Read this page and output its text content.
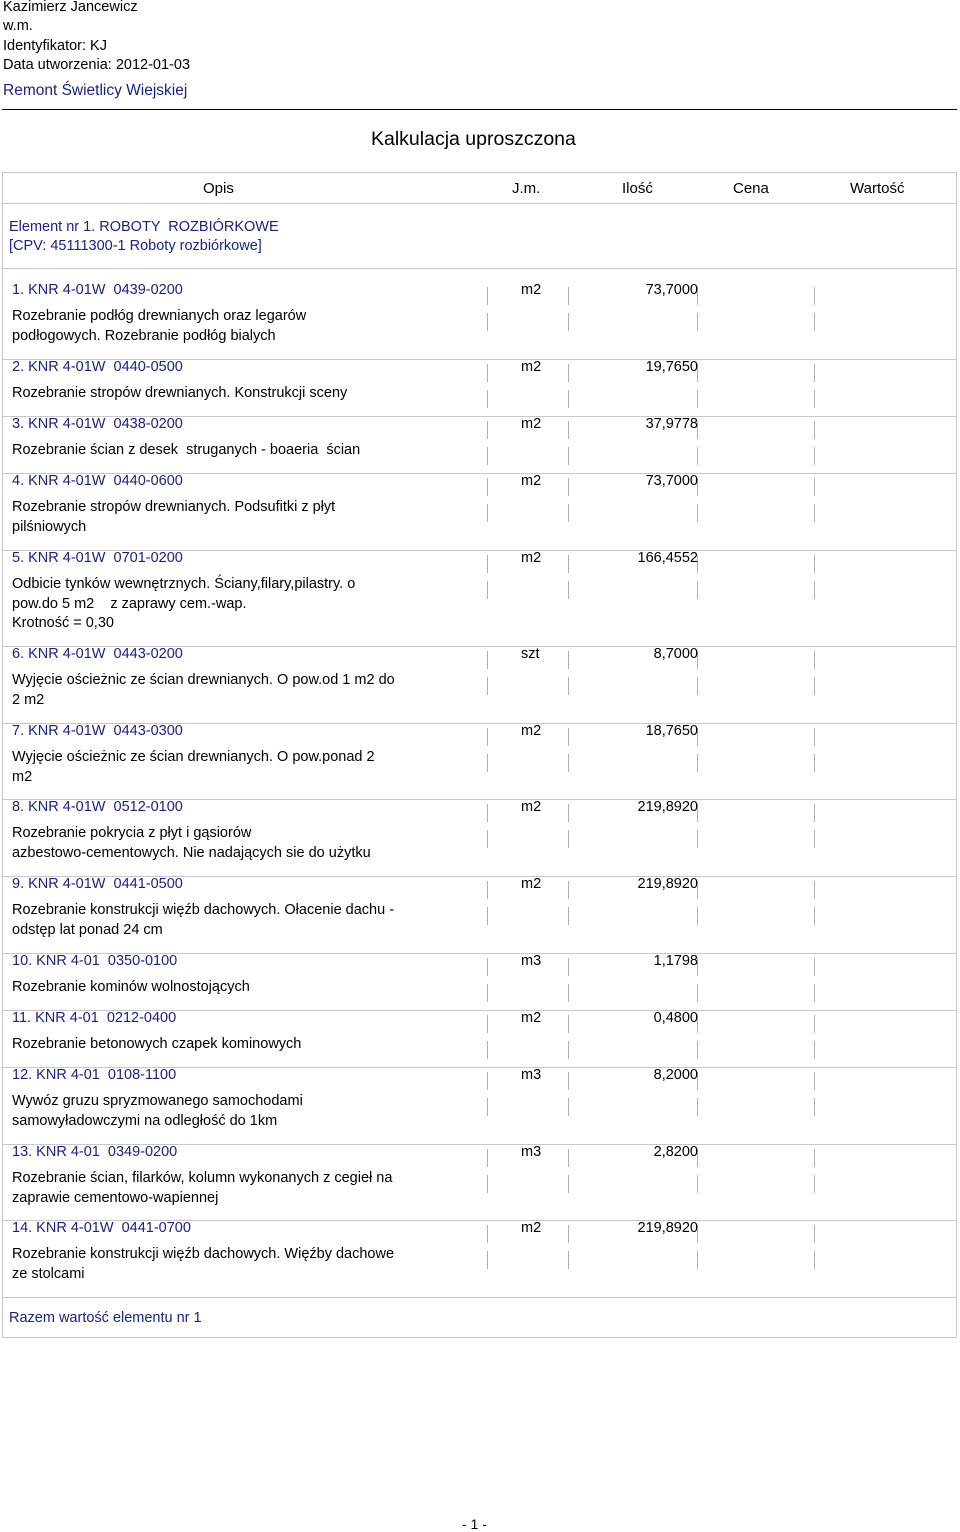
Kazimierz Jancewicz
w.m.
Identyfikator: KJ
Data utworzenia: 2012-01-03
Remont Świetlicy Wiejskiej
Kalkulacja uproszczona
Opis	J.m.	Ilość	Cena	Wartość
Element nr 1. ROBOTY  ROZBIÓRKOWE
[CPV: 45111300-1 Roboty rozbiórkowe]
1. KNR 4-01W  0439-0200	m2	73,7000
Rozebranie podłóg drewnianych oraz legarów
podłogowych. Rozebranie podłóg bialych
2. KNR 4-01W  0440-0500	m2	19,7650
Rozebranie stropów drewnianych. Konstrukcji sceny
3. KNR 4-01W  0438-0200	m2	37,9778
Rozebranie ścian z desek  struganych - boaeria  ścian
4. KNR 4-01W  0440-0600	m2	73,7000
Rozebranie stropów drewnianych. Podsufitki z płyt
pilśniowych
5. KNR 4-01W  0701-0200	m2	166,4552
Odbicie tynków wewnętrznych. Ściany,filary,pilastry. o
pow.do 5 m2    z zaprawy cem.-wap.
Krotność = 0,30
6. KNR 4-01W  0443-0200	szt	8,7000
Wyjęcie ościeżnic ze ścian drewnianych. O pow.od 1 m2 do
2 m2
7. KNR 4-01W  0443-0300	m2	18,7650
Wyjęcie ościeżnic ze ścian drewnianych. O pow.ponad 2
m2
8. KNR 4-01W  0512-0100	m2	219,8920
Rozebranie pokrycia z płyt i gąsiorów
azbestowo-cementowych. Nie nadających sie do użytku
9. KNR 4-01W  0441-0500	m2	219,8920
Rozebranie konstrukcji więźb dachowych. Ołacenie dachu -
odstęp lat ponad 24 cm
10. KNR 4-01  0350-0100	m3	1,1798
Rozebranie kominów wolnostojących
11. KNR 4-01  0212-0400	m2	0,4800
Rozebranie betonowych czapek kominowych
12. KNR 4-01  0108-1100	m3	8,2000
Wywóz gruzu spryzmowanego samochodami
samowyładowczymi na odległość do 1km
13. KNR 4-01  0349-0200	m3	2,8200
Rozebranie ścian, filarków, kolumn wykonanych z cegieł na
zaprawie cementowo-wapiennej
14. KNR 4-01W  0441-0700	m2	219,8920
Rozebranie konstrukcji więźb dachowych. Więźby dachowe
ze stolcami
Razem wartość elementu nr 1
- 1 -
